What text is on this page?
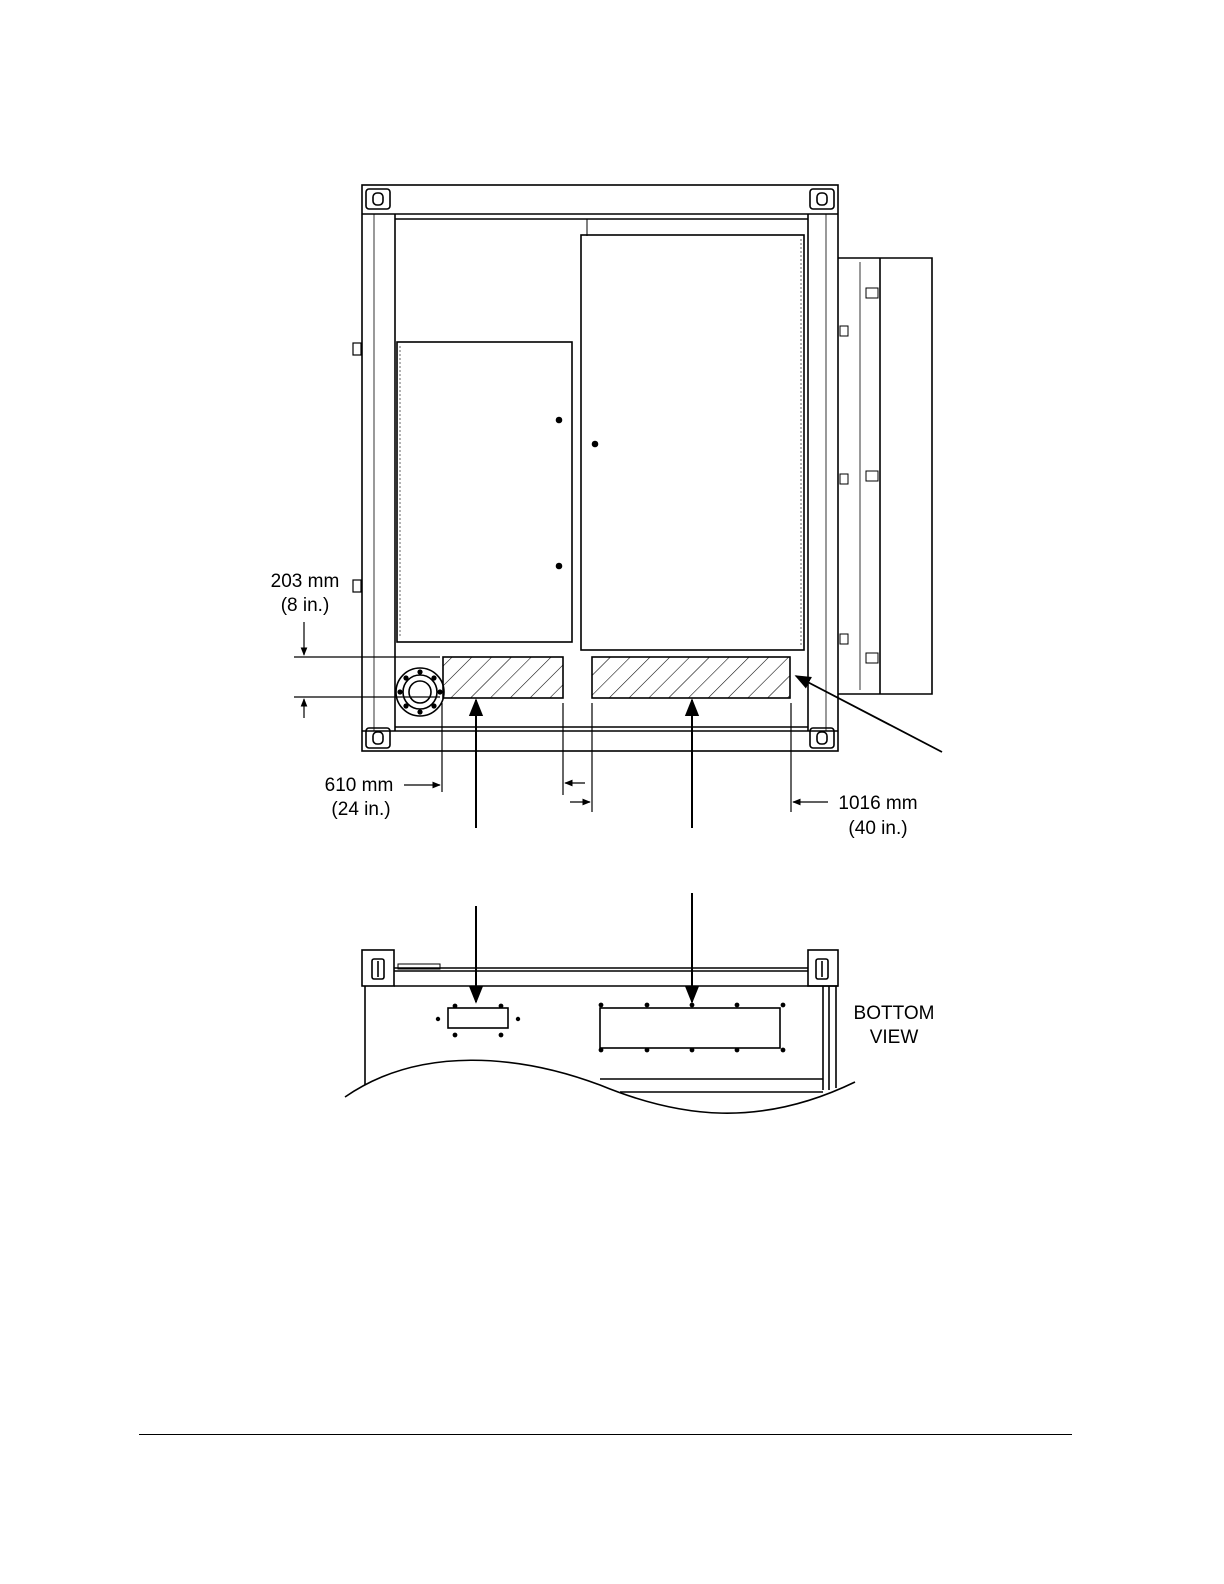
203 mm
(8 in.)
610 mm
(24 in.)	1016 mm
(40 in.)
BOTTOM
VIEW
